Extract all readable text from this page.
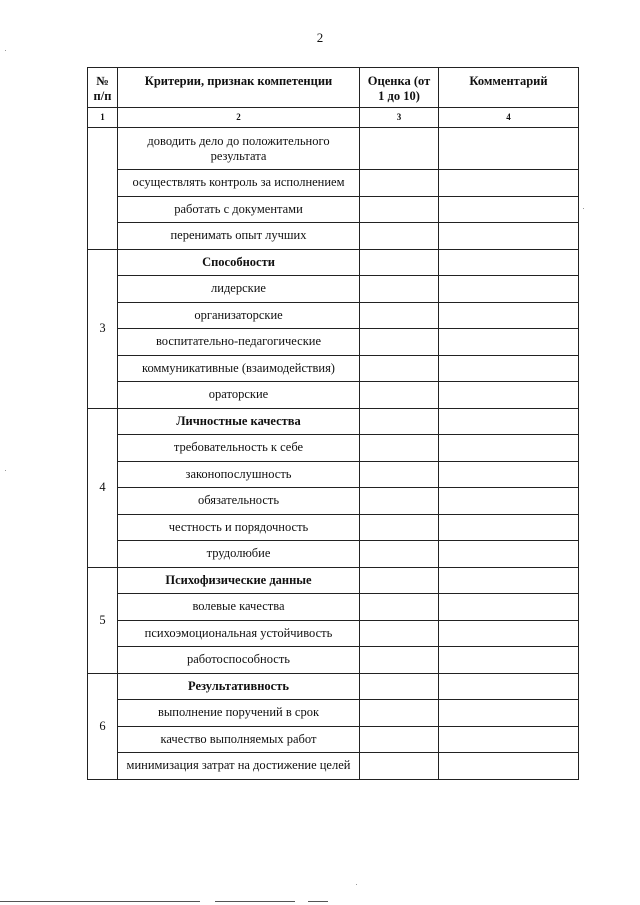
2
№ п/п	Критерии, признак компетенции	Оценка (от 1 до 10)	Комментарий
1	2	3	4
	доводить дело до положительного результата		
	осуществлять контроль за исполнением		
	работать с документами		
	перенимать опыт лучших		
3	Способности		
	лидерские		
	организаторские		
	воспитательно-педагогические		
	коммуникативные (взаимодействия)		
	ораторские		
4	Личностные качества		
	требовательность к себе		
	законопослушность		
	обязательность		
	честность и порядочность		
	трудолюбие		
5	Психофизические данные		
	волевые качества		
	психоэмоциональная устойчивость		
	работоспособность		
6	Результативность		
	выполнение поручений в срок		
	качество выполняемых работ		
	минимизация затрат на достижение целей		
